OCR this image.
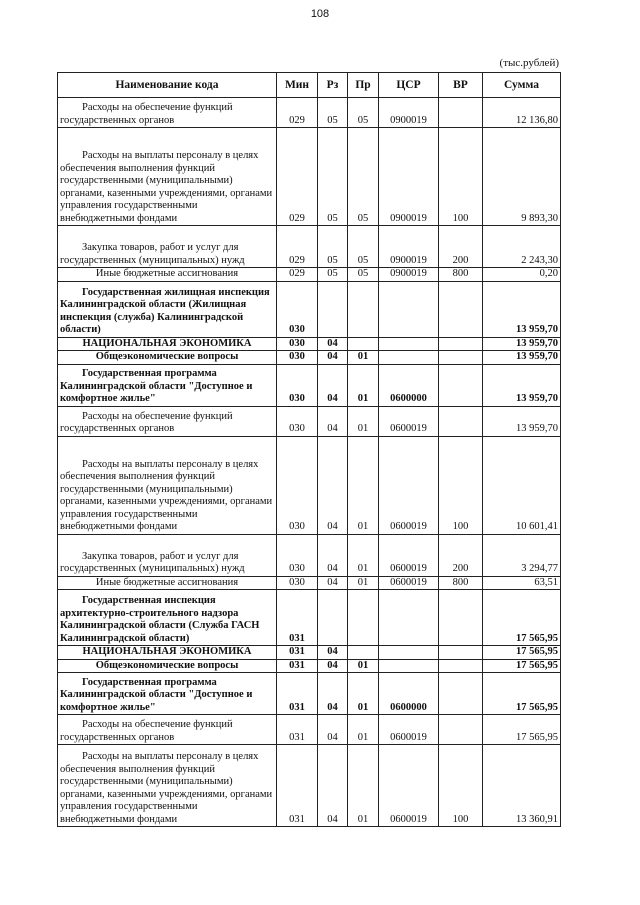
108
(тыс.рублей)
Наименование кода	Мин	Рз	Пр	ЦСР	ВР	Сумма
Расходы на обеспечение функций государственных органов	029	05	05	0900019		12 136,80
Расходы на выплаты персоналу в целях обеспечения выполнения функций государственными (муниципальными) органами, казенными учреждениями, органами управления государственными внебюджетными фондами	029	05	05	0900019	100	9 893,30
Закупка товаров, работ и услуг для государственных (муниципальных) нужд	029	05	05	0900019	200	2 243,30
Иные бюджетные ассигнования	029	05	05	0900019	800	0,20
Государственная жилищная инспекция Калининградской области (Жилищная инспекция (служба) Калининградской области)	030					13 959,70
НАЦИОНАЛЬНАЯ ЭКОНОМИКА	030	04				13 959,70
Общеэкономические вопросы	030	04	01			13 959,70
Государственная программа Калининградской области "Доступное и комфортное жилье"	030	04	01	0600000		13 959,70
Расходы на обеспечение функций государственных органов	030	04	01	0600019		13 959,70
Расходы на выплаты персоналу в целях обеспечения выполнения функций государственными (муниципальными) органами, казенными учреждениями, органами управления государственными внебюджетными фондами	030	04	01	0600019	100	10 601,41
Закупка товаров, работ и услуг для государственных (муниципальных) нужд	030	04	01	0600019	200	3 294,77
Иные бюджетные ассигнования	030	04	01	0600019	800	63,51
Государственная инспекция архитектурно-строительного надзора Калининградской области (Служба ГАСН Калининградской области)	031					17 565,95
НАЦИОНАЛЬНАЯ ЭКОНОМИКА	031	04				17 565,95
Общеэкономические вопросы	031	04	01			17 565,95
Государственная программа Калининградской области "Доступное и комфортное жилье"	031	04	01	0600000		17 565,95
Расходы на обеспечение функций государственных органов	031	04	01	0600019		17 565,95
Расходы на выплаты персоналу в целях обеспечения выполнения функций государственными (муниципальными) органами, казенными учреждениями, органами управления государственными внебюджетными фондами	031	04	01	0600019	100	13 360,91
